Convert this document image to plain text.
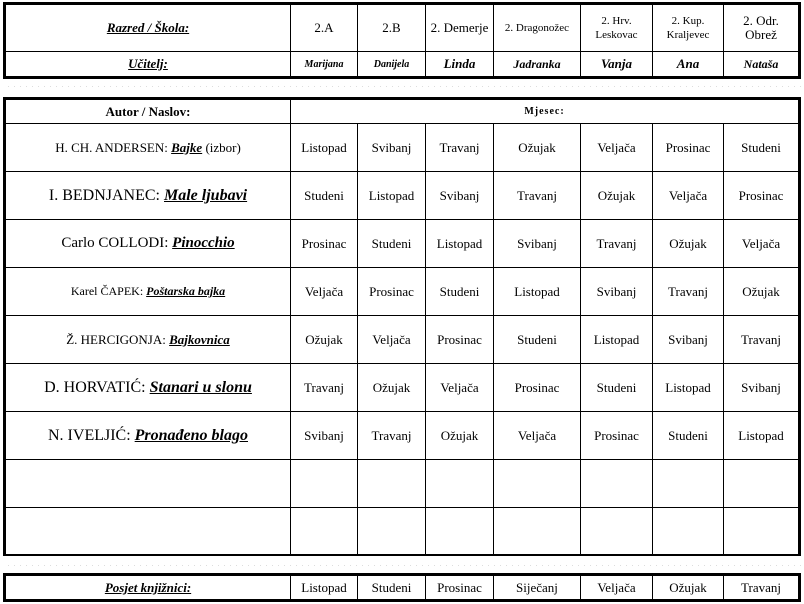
Razred / Škola:	2.A	2.B	2. Demerje	2. Dragonožec	2. Hrv. Leskovac	2. Kup. Kraljevec	2. Odr. Obrež
Učitelj:	Marijana	Danijela	Linda	Jadranka	Vanja	Ana	Nataša
Autor / Naslov:	Mjesec:						
H. CH. ANDERSEN: Bajke (izbor)	Listopad	Svibanj	Travanj	Ožujak	Veljača	Prosinac	Studeni
I. BEDNJANEC: Male ljubavi	Studeni	Listopad	Svibanj	Travanj	Ožujak	Veljača	Prosinac
Carlo COLLODI: Pinocchio	Prosinac	Studeni	Listopad	Svibanj	Travanj	Ožujak	Veljača
Karel ČAPEK: Poštarska bajka	Veljača	Prosinac	Studeni	Listopad	Svibanj	Travanj	Ožujak
Ž. HERCIGONJA: Bajkovnica	Ožujak	Veljača	Prosinac	Studeni	Listopad	Svibanj	Travanj
D. HORVATIĆ: Stanari u slonu	Travanj	Ožujak	Veljača	Prosinac	Studeni	Listopad	Svibanj
N. IVELJIĆ: Pronađeno blago	Svibanj	Travanj	Ožujak	Veljača	Prosinac	Studeni	Listopad

Posjet knjižnici:	Listopad	Studeni	Prosinac	Siječanj	Veljača	Ožujak	Travanj
